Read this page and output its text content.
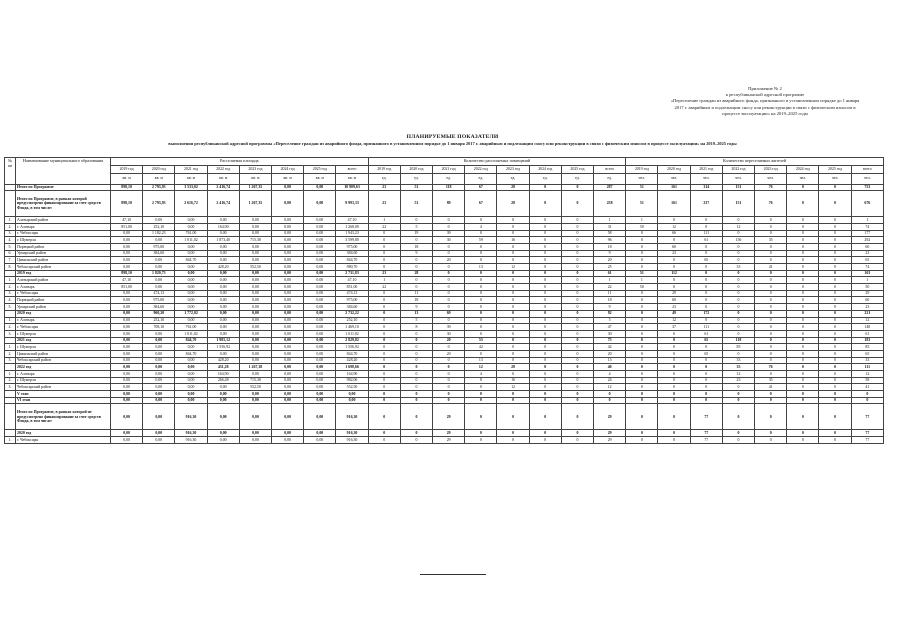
Приложение № 2
к республиканской адресной программе
«Переселение граждан из аварийного фонда, признанного в установленном порядке до 1 января
2017 г. аварийным и подлежащим сносу или реконструкции в связи с физическим износом в
процессе эксплуатации» на 2019–2025 годы
ПЛАНИРУЕМЫЕ ПОКАЗАТЕЛИ
выполнения республиканской адресной программы «Переселение граждан из аварийного фонда, признанного в установленном порядке до 1 января 2017 г. аварийным и подлежащим сносу или реконструкции в связи с физическим износом в процессе эксплуатации» на 2019–2025 годы
№ пп	Наименование муниципального образования	Расселяемая площадь								Количество расселяемых помещений								Количество переселяемых жителей							
		2019 год	2020 год	2021 год	2022 год	2023 год	2024 год	2025 год	всего	2019 год	2020 год	2021 год	2022 год	2023 год	2024 год	2025 год	всего	2019 год	2020 год	2021 год	2022 год	2023 год	2024 год	2025 год	всего
		кв. м	кв. м	кв. м	кв. м	кв. м	кв. м	кв. м	кв. м	ед.	ед.	ед.	ед.	ед.	ед.	ед.	ед.	чел.	чел.	чел.	чел.	чел.	чел.	чел.	чел.
	Итого по Программе	898,10	2 793,93	3 533,02	2 416,74	1 267,35	0,00	0,00	10 909,63	23	51	118	67	28	0	0	287	51	161	314	151	76	0	0	753
	Итого по Программе, в рамках которой предусмотрено финансирование за счет средств Фонда, в том числе:	898,10	2 793,93	2 616,72	2 416,74	1 267,35	0,00	0,00	9 993,33	23	51	89	67	28	0	0	258	51	161	237	151	76	0	0	676
1.	Алатырский район	47,10	0,00	0,00	0,00	0,00	0,00	0,00	47,10	1	0	0	0	0	0	0	1	1	0	0	0	0	0	0	1
2.	г. Алатырь	851,00	252,10	0,00	164,90	0,00	0,00	0,00	1 268,00	22	5	0	4	0	0	0	31	50	12	0	12	0	0	0	74
3.	г. Чебоксары	0,00	1 182,23	761,00	0,00	0,00	0,00	0,00	1 943,23	0	19	39	0	0	0	0	58	0	66	111	0	0	0	0	177
4.	г. Шумерля	0,00	0,00	1 011,02	1 873,40	715,38	0,00	0,00	3 599,80	0	0	30	59	16	0	0	96	0	0	61	156	35	0	0	292
5.	Порецкий район	0,00	975,00	0,00	0,00	0,00	0,00	0,00	975,00	0	18	0	0	0	0	0	18	0	60	0	0	0	0	0	60
6.	Урмарский район	0,00	384,60	0,00	0,00	0,00	0,00	0,00	384,60	0	9	0	0	0	0	0	9	0	23	0	0	0	0	0	23
7.	Цивильский район	0,00	0,00	844,70	0,00	0,00	0,00	0,00	844,70	0	0	20	0	0	0	0	20	0	0	65	0	0	0	0	65
8.	Чебоксарский район	0,00	0,00	0,00	428,20	552,50	0,00	0,00	980,70	0	0	0	13	12	0	0	25	0	0	0	33	41	0	0	74
	2019 год	898,10	1 820,73	0,00	0,00	0,00	0,00	0,00	2 731,83	23	28	0	0	0	0	0	61	51	112	0	0	0	0	0	163
1.	Алатырский район	47,10	0,00	0,00	0,00	0,00	0,00	0,00	47,10	1	0	0	0	0	0	0	1	1	0	0	0	0	0	0	1
2.	г. Алатырь	851,00	0,00	0,00	0,00	0,00	0,00	0,00	851,00	22	0	0	0	0	0	0	22	50	0	0	0	0	0	0	50
3.	г. Чебоксары	0,00	474,13	0,00	0,00	0,00	0,00	0,00	474,13	0	11	0	0	0	0	0	11	0	29	0	0	0	0	0	29
4.	Порецкий район	0,00	975,00	0,00	0,00	0,00	0,00	0,00	975,00	0	18	0	0	0	0	0	18	0	60	0	0	0	0	0	60
5.	Урмарский район	0,00	384,60	0,00	0,00	0,00	0,00	0,00	384,60	0	9	0	0	0	0	0	9	0	23	0	0	0	0	0	23
	2020 год	0,00	960,20	1 772,02	0,00	0,00	0,00	0,00	2 732,22	0	13	69	0	0	0	0	82	0	49	172	0	0	0	0	221
1.	г. Алатырь	0,00	252,10	0,00	0,00	0,00	0,00	0,00	252,10	0	5	0	0	0	0	0	5	0	12	0	0	0	0	0	12
2.	г. Чебоксары	0,00	708,10	761,00	0,00	0,00	0,00	0,00	1 469,10	0	8	39	0	0	0	0	47	0	37	111	0	0	0	0	148
3.	г. Шумерля	0,00	0,00	1 011,02	0,00	0,00	0,00	0,00	1 011,02	0	0	30	0	0	0	0	30	0	0	61	0	0	0	0	61
	2021 год	0,00	0,00	844,70	1 985,12	0,00	0,00	0,00	2 829,82	0	0	20	55	0	0	0	75	0	0	65	118	0	0	0	183
1.	г. Шумерля	0,00	0,00	0,00	1 556,92	0,00	0,00	0,00	1 556,92	0	0	0	42	0	0	0	42	0	0	0	85	0	0	0	85
2.	Цивильский район	0,00	0,00	844,70	0,00	0,00	0,00	0,00	844,70	0	0	20	0	0	0	0	20	0	0	65	0	0	0	0	65
3.	Чебоксарский район	0,00	0,00	0,00	428,20	0,00	0,00	0,00	428,20	0	0	0	13	0	0	0	13	0	0	0	33	0	0	0	33
	2022 год	0,00	0,00	0,00	431,28	1 267,38	0,00	0,00	1 698,66	0	0	0	12	28	0	0	40	0	0	0	35	76	0	0	111
1.	г. Алатырь	0,00	0,00	0,00	164,90	0,00	0,00	0,00	164,90	0	0	0	4	0	0	0	4	0	0	0	12	0	0	0	12
2.	г. Шумерля	0,00	0,00	0,00	266,48	715,38	0,00	0,00	982,06	0	0	0	8	16	0	0	24	0	0	0	23	35	0	0	58
3.	Чебоксарский район	0,00	0,00	0,00	0,00	552,50	0,00	0,00	552,50	0	0	0	0	12	0	0	12	0	0	0	0	41	0	0	41
	V этап	0,00	0,00	0,00	0,00	0,00	0,00	0,00	0,00	0	0	0	0	0	0	0	0	0	0	0	0	0	0	0	0
	VI этап	0,00	0,00	0,00	0,00	0,00	0,00	0,00	0,00	0	0	0	0	0	0	0	0	0	0	0	0	0	0	0	0
	Итого по Программе, в рамках которой не предусмотрено финансирование за счет средств Фонда, в том числе:	0,00	0,00	916,30	0,00	0,00	0,00	0,00	916,30	0	0	29	0	0	0	0	29	0	0	77	0	0	0	0	77
	2020 год	0,00	0,00	916,30	0,00	0,00	0,00	0,00	916,30	0	0	29	0	0	0	0	29	0	0	77	0	0	0	0	77
1.	г. Чебоксары	0,00	0,00	916,30	0,00	0,00	0,00	0,00	916,30	0	0	29	0	0	0	0	29	0	0	77	0	0	0	0	77
